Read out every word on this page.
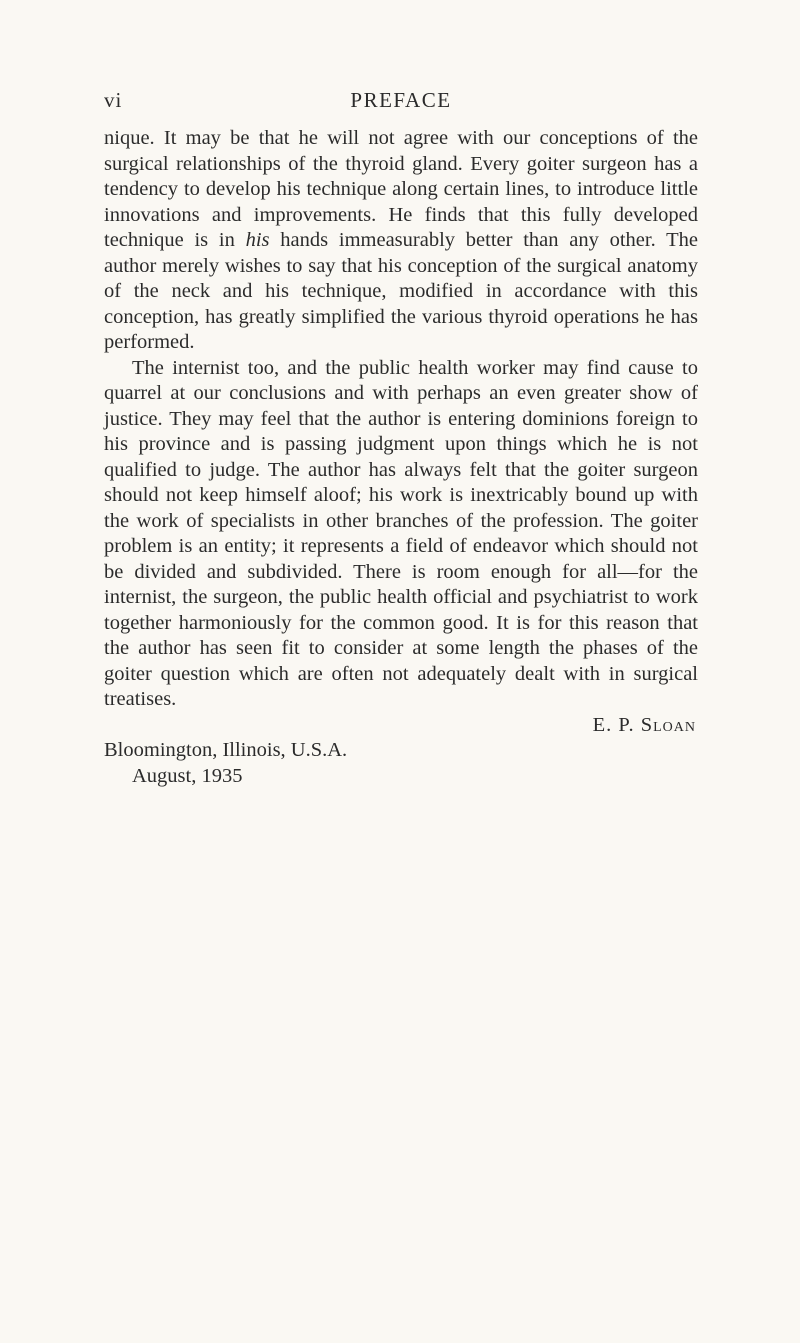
vi	PREFACE

nique. It may be that he will not agree with our conceptions of the surgical relationships of the thyroid gland. Every goiter surgeon has a tendency to develop his technique along certain lines, to introduce little innovations and improvements. He finds that this fully developed technique is in his hands immeasurably better than any other. The author merely wishes to say that his conception of the surgical anatomy of the neck and his technique, modified in accordance with this conception, has greatly simplified the various thyroid operations he has performed.

The internist too, and the public health worker may find cause to quarrel at our conclusions and with perhaps an even greater show of justice. They may feel that the author is entering dominions foreign to his province and is passing judgment upon things which he is not qualified to judge. The author has always felt that the goiter surgeon should not keep himself aloof; his work is inextricably bound up with the work of specialists in other branches of the profession. The goiter problem is an entity; it represents a field of endeavor which should not be divided and subdivided. There is room enough for all—for the internist, the surgeon, the public health official and psychiatrist to work together harmoniously for the common good. It is for this reason that the author has seen fit to consider at some length the phases of the goiter question which are often not adequately dealt with in surgical treatises.

E. P. Sloan

Bloomington, Illinois, U.S.A.

August, 1935
